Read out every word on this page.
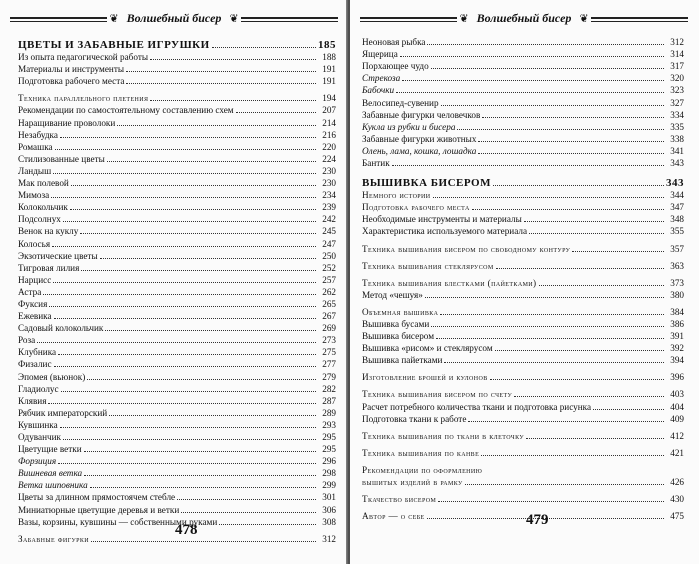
❦ Волшебный бисер ❦
ЦВЕТЫ И ЗАБАВНЫЕ ИГРУШКИ	185
Из опыта педагогической работы	188
Материалы и инструменты	191
Подготовка рабочего места	191
Техника параллельного плетения	194
Рекомендации по самостоятельному составлению схем	207
Наращивание проволоки	214
Незабудка	216
Ромашка	220
Стилизованные цветы	224
Ландыш	230
Мак полевой	230
Мимоза	234
Колокольчик	239
Подсолнух	242
Венок на куклу	245
Колосья	247
Экзотические цветы	250
Тигровая лилия	252
Нарцисс	257
Астра	262
Фуксия	265
Ежевика	267
Садовый колокольчик	269
Роза	273
Клубника	275
Физалис	277
Эпомея (вьюнок)	279
Гладиолус	282
Клявия	287
Рябчик императорский	289
Кувшинка	293
Одуванчик	295
Цветущие ветки	295
Форзиция	296
Вишневая ветка	298
Ветка шиповника	299
Цветы за длинном прямостоячем стебле	301
Миниатюрные цветущие деревья и ветки	306
Вазы, корзины, кувшины — собственными руками	308
Забавные фигурки	312
478
❦ Волшебный бисер ❦
Неоновая рыбка	312
Ящерица	314
Порхающее чудо	317
Стрекоза	320
Бабочки	323
Велосипед-сувенир	327
Забавные фигурки человечков	334
Кукла из рубки и бисера	335
Забавные фигурки животных	338
Олень, лама, кошка, лошадка	341
Бантик	343
ВЫШИВКА БИСЕРОМ	343
Немного истории	344
Подготовка рабочего места	347
Необходимые инструменты и материалы	348
Характеристика используемого материала	355
Техника вышивания бисером по свободному контуру	357
Техника вышивания стеклярусом	363
Техника вышивания блестками (пайетками)	373
Метод «чешуя»	380
Объемная вышивка	384
Вышивка бусами	386
Вышивка бисером	391
Вышивка «рисом» и стеклярусом	392
Вышивка пайетками	394
Изготовление брошей и кулонов	396
Техника вышивания бисером по счету	403
Расчет потребного количества ткани и подготовка рисунка	404
Подготовка ткани к работе	409
Техника вышивания по ткани в клеточку	412
Техника вышивания по канве	421
Рекомендации по оформлению
вышитых изделий в рамку	426
Ткачество бисером	430
Автор — о себе	475
479
